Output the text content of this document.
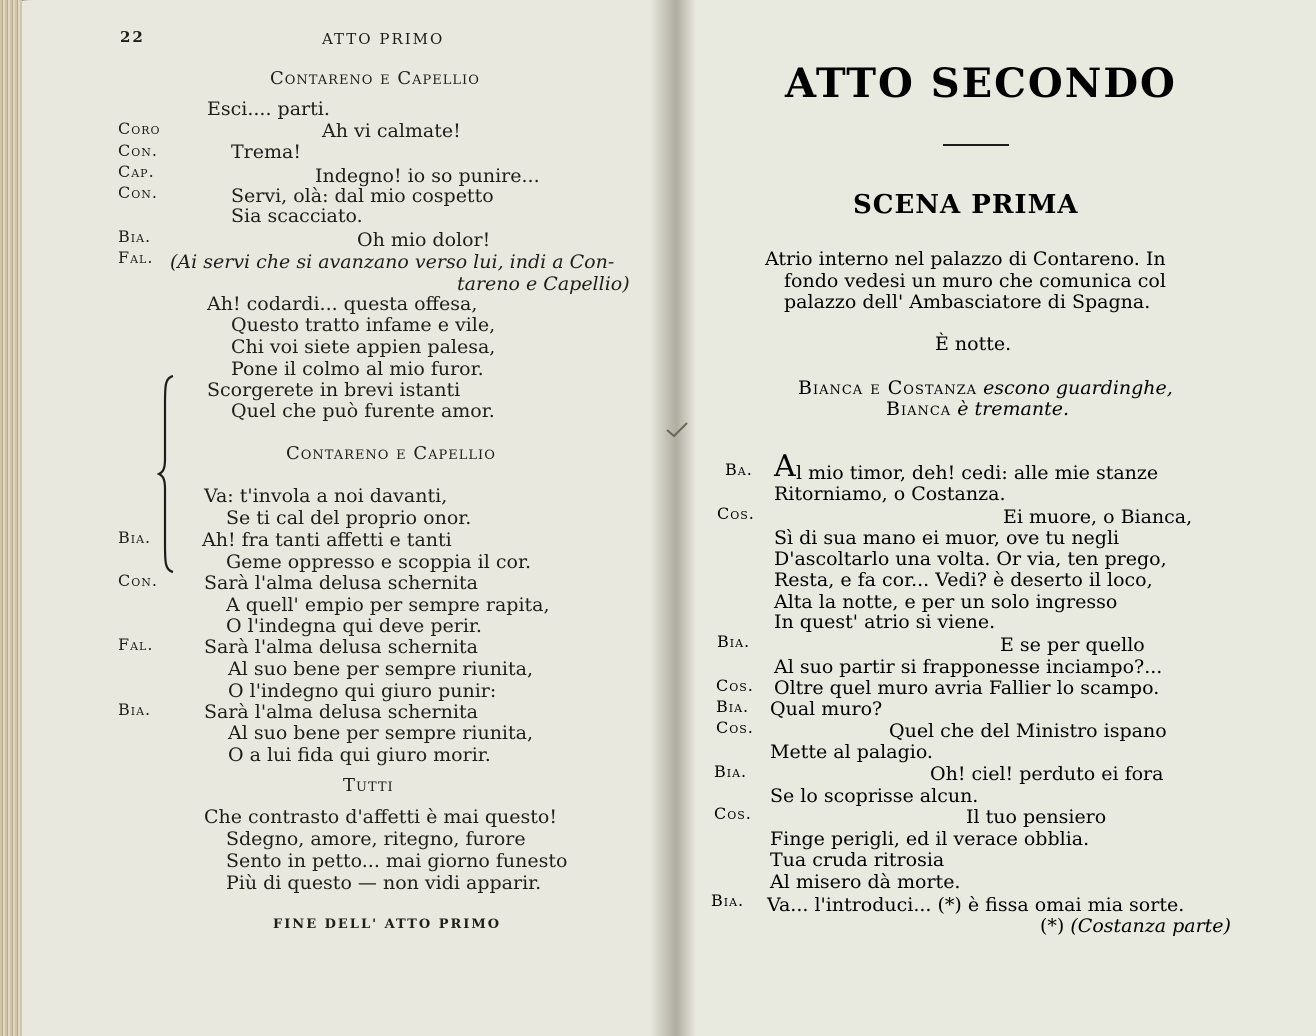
22	ATTO PRIMO
Contareno e Capellio
Esci.... parti.
Coro	Ah vi calmate!
Con.	Trema!
Cap.	Indegno! io so punire...
Con.	Servi, olà: dal mio cospetto
Sia scacciato.
Bia.	Oh mio dolor!
Fal. (Ai servi che si avanzano verso lui, indi a Con-
tareno e Capellio)
Ah! codardi... questa offesa,
Questo tratto infame e vile,
Chi voi siete appien palesa,
Pone il colmo al mio furor.
Scorgerete in brevi istanti
Quel che può furente amor.
Contareno e Capellio
Va: t'invola a noi davanti,
Se ti cal del proprio onor.
Bia.	Ah! fra tanti affetti e tanti
Geme oppresso e scoppia il cor.
Con. Sarà l'alma delusa schernita
A quell' empio per sempre rapita,
O l'indegna qui deve perir.
Fal.	Sarà l'alma delusa schernita
Al suo bene per sempre riunita,
O l'indegno qui giuro punir:
Bia.	Sarà l'alma delusa schernita
Al suo bene per sempre riunita,
O a lui fida qui giuro morir.
Tutti
Che contrasto d'affetti è mai questo!
Sdegno, amore, ritegno, furore
Sento in petto... mai giorno funesto
Più di questo — non vidi apparir.
FINE DELL' ATTO PRIMO
ATTO SECONDO
SCENA PRIMA
Atrio interno nel palazzo di Contareno. In
fondo vedesi un muro che comunica col
palazzo dell' Ambasciatore di Spagna.
È notte.
Bianca e Costanza escono guardinghe,
Bianca è tremante.
Ba. A l mio timor, deh! cedi: alle mie stanze
Ritorniamo, o Costanza.
Cos.	Ei muore, o Bianca,
Sì di sua mano ei muor, ove tu negli
D'ascoltarlo una volta. Or via, ten prego,
Resta, e fa cor... Vedi? è deserto il loco,
Alta la notte, e per un solo ingresso
In quest' atrio si viene.
Bia.	E se per quello
Al suo partir si frapponesse inciampo?...
Cos. Oltre quel muro avria Fallier lo scampo.
Bia. Qual muro?
Cos.	Quel che del Ministro ispano
Mette al palagio.
Bia.	Oh! ciel! perduto ei fora
Se lo scoprisse alcun.
Cos.	Il tuo pensiero
Finge perigli, ed il verace obblia.
Tua cruda ritrosia
Al misero dà morte.
Bia. Va... l'introduci... (*) è fissa omai mia sorte.
(*) (Costanza parte)
